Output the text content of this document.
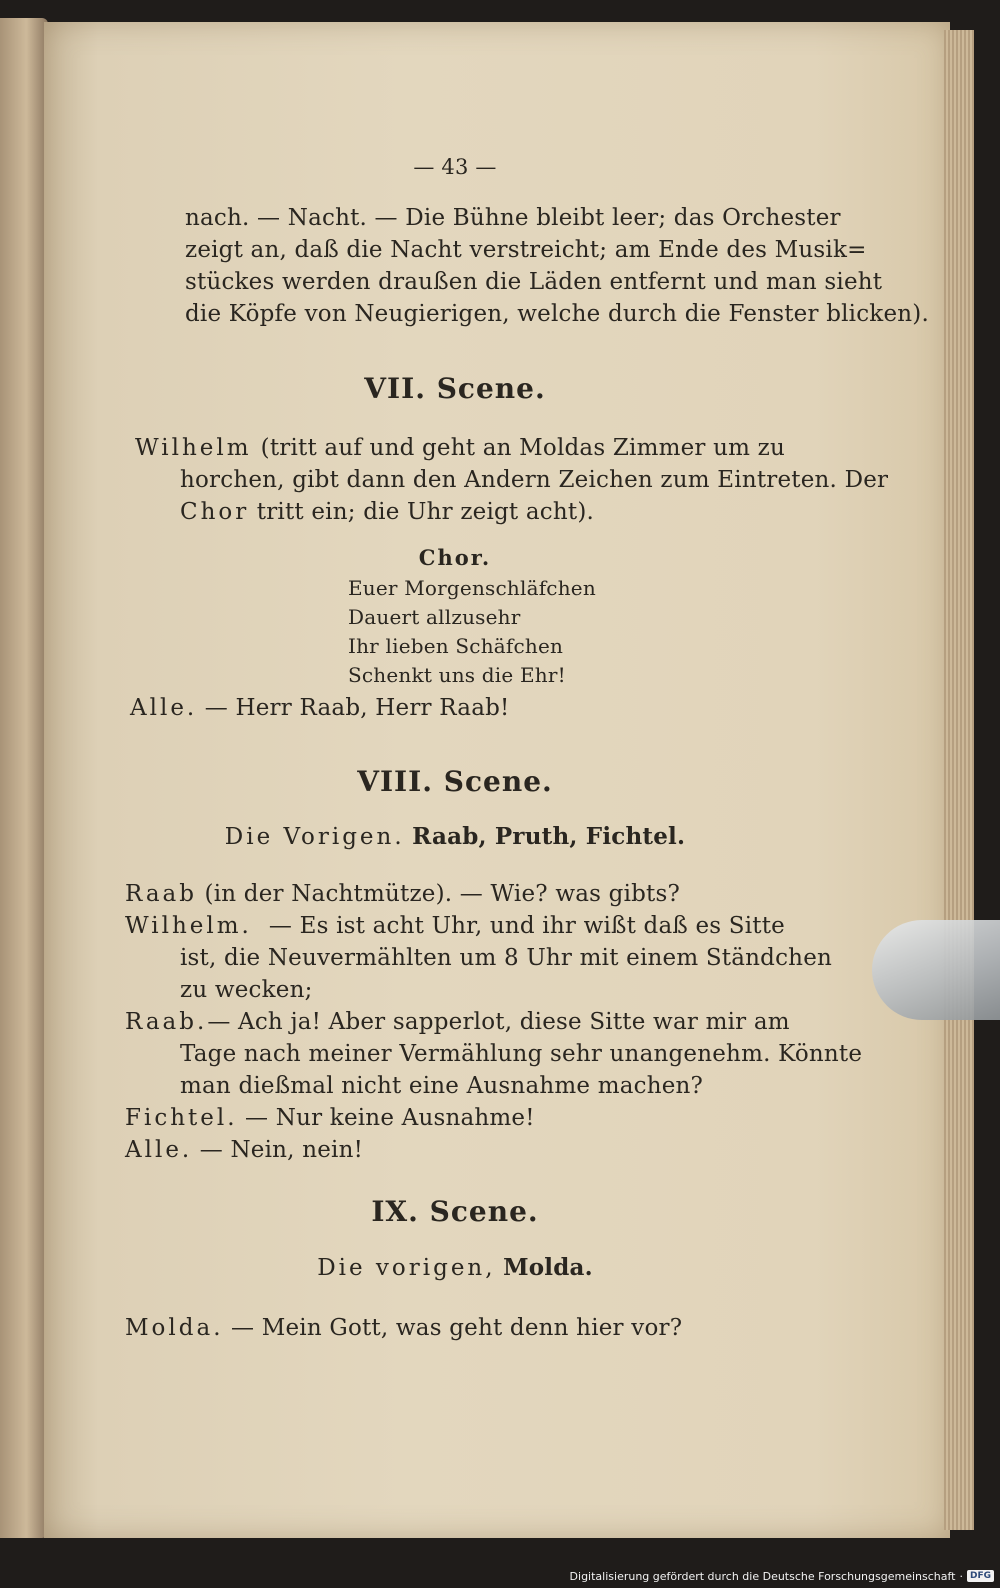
— 43 —
nach. — Nacht. — Die Bühne bleibt leer; das Orchester
zeigt an, daß die Nacht verstreicht; am Ende des Musik=
stückes werden draußen die Läden entfernt und man sieht
die Köpfe von Neugierigen, welche durch die Fenster blicken).
VII. Scene.
Wilhelm (tritt auf und geht an Moldas Zimmer um zu
horchen, gibt dann den Andern Zeichen zum Eintreten. Der
Chor tritt ein; die Uhr zeigt acht).
Chor.
Euer Morgenschläfchen
Dauert allzusehr
Ihr lieben Schäfchen
Schenkt uns die Ehr!
Alle. — Herr Raab, Herr Raab!
VIII. Scene.
Die Vorigen. Raab, Pruth, Fichtel.
Raab (in der Nachtmütze). — Wie? was gibts?
Wilhelm. — Es ist acht Uhr, und ihr wißt daß es Sitte
ist, die Neuvermählten um 8 Uhr mit einem Ständchen
zu wecken;
Raab. — Ach ja! Aber sapperlot, diese Sitte war mir am
Tage nach meiner Vermählung sehr unangenehm. Könnte
man dießmal nicht eine Ausnahme machen?
Fichtel. — Nur keine Ausnahme!
Alle. — Nein, nein!
IX. Scene.
Die vorigen, Molda.
Molda. — Mein Gott, was geht denn hier vor?
Digitalisierung gefördert durch die Deutsche Forschungsgemeinschaft · DFG
